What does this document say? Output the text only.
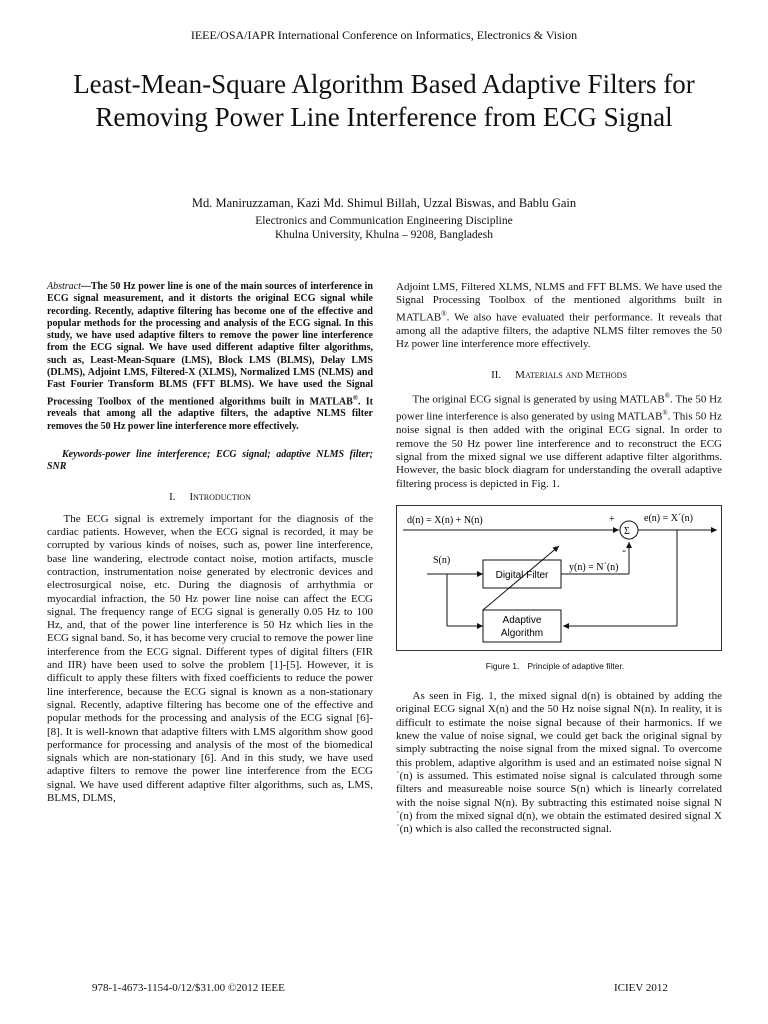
IEEE/OSA/IAPR International Conference on Informatics, Electronics & Vision
Least-Mean-Square Algorithm Based Adaptive Filters for Removing Power Line Interference from ECG Signal
Md. Maniruzzaman, Kazi Md. Shimul Billah, Uzzal Biswas, and Bablu Gain
Electronics and Communication Engineering Discipline
Khulna University, Khulna – 9208, Bangladesh

Abstract—The 50 Hz power line is one of the main sources of interference in ECG signal measurement, and it distorts the original ECG signal while recording. Recently, adaptive filtering has become one of the effective and popular methods for the processing and analysis of the ECG signal. In this study, we have used adaptive filters to remove the power line interference from the ECG signal. We have used different adaptive filter algorithms, such as, Least-Mean-Square (LMS), Block LMS (BLMS), Delay LMS (DLMS), Adjoint LMS, Filtered-X (XLMS), Normalized LMS (NLMS) and Fast Fourier Transform BLMS (FFT BLMS). We have used the Signal Processing Toolbox of the mentioned algorithms built in MATLAB®. It reveals that among all the adaptive filters, the adaptive NLMS filter removes the 50 Hz power line interference more effectively.

Keywords-power line interference; ECG signal; adaptive NLMS filter; SNR

I. Introduction

The ECG signal is extremely important for the diagnosis of the cardiac patients. However, when the ECG signal is recorded, it may be corrupted by various kinds of noises, such as, power line interference, base line wandering, electrode contact noise, motion artifacts, muscle contraction, instrumentation noise generated by electronic devices and electrosurgical noise, etc. During the diagnosis of arrhythmia or myocardial infraction, the 50 Hz power line noise can affect the ECG signal. The frequency range of ECG signal is generally 0.05 Hz to 100 Hz, and, that of the power line interference is 50 Hz which lies in the ECG signal band. So, it has become very crucial to remove the power line interference from the ECG signal. Different types of digital filters (FIR and IIR) have been used to solve the problem [1]-[5]. However, it is difficult to apply these filters with fixed coefficients to reduce the power line interference, because the ECG signal is known as a non-stationary signal. Recently, adaptive filtering has become one of the effective and popular methods for the processing and analysis of the ECG signal [6]-[8]. It is well-known that adaptive filters with LMS algorithm show good performance for processing and analysis of the most of the biomedical signals which are non-stationary [6]. And in this study, we have used adaptive filters to remove the power line interference from the ECG signal. We have used different adaptive filter algorithms, such as, LMS, BLMS, DLMS,

Adjoint LMS, Filtered XLMS, NLMS and FFT BLMS. We have used the Signal Processing Toolbox of the mentioned algorithms built in MATLAB®. We also have evaluated their performance. It reveals that among all the adaptive filters, the adaptive NLMS filter removes the 50 Hz power line interference more effectively.

II. Materials and Methods

The original ECG signal is generated by using MATLAB®. The 50 Hz power line interference is also generated by using MATLAB®. This 50 Hz noise signal is then added with the original ECG signal. In order to remove the 50 Hz power line interference and to reconstruct the ECG signal from the mixed signal we use different adaptive filter algorithms. However, the basic block diagram for understanding the overall adaptive filtering process is depicted in Fig. 1.

d(n) = X(n) + N(n)
Σ
+
-
e(n) = X´(n)
S(n)
Digital Filter
y(n) = N´(n)
Adaptive
Algorithm
Figure 1. Principle of adaptive filter.

As seen in Fig. 1, the mixed signal d(n) is obtained by adding the original ECG signal X(n) and the 50 Hz noise signal N(n). In reality, it is difficult to estimate the noise signal because of their harmonics. If we knew the value of noise signal, we could get back the original signal by simply subtracting the noise signal from the mixed signal. To overcome this problem, adaptive algorithm is used and an estimated noise signal N´(n) is assumed. This estimated noise signal is calculated through some filters and measureable noise source S(n) which is linearly correlated with the noise signal N(n). By subtracting this estimated noise signal N´(n) from the mixed signal d(n), we obtain the estimated desired signal X´(n) which is also called the reconstructed signal.

978-1-4673-1154-0/12/$31.00 ©2012 IEEE	ICIEV 2012
